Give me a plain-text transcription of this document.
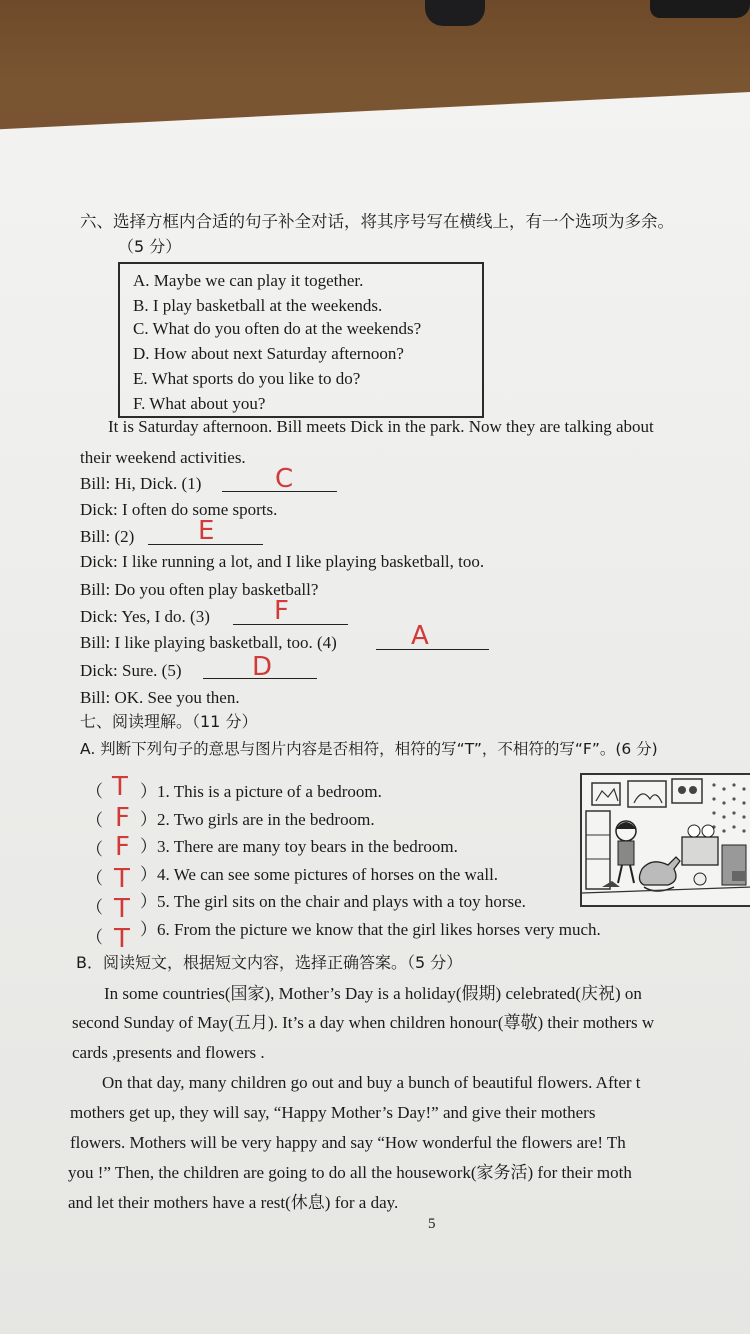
六、选择方框内合适的句子补全对话，将其序号写在横线上，有一个选项为多余。
（5 分）
A. Maybe we can play it together.
B. I play basketball at the weekends.
C. What do you often do at the weekends?
D. How about next Saturday afternoon?
E. What sports do you like to do?
F. What about you?
It is Saturday afternoon. Bill meets Dick in the park. Now they are talking about
their weekend activities.
Bill: Hi, Dick. (1)	C
Dick: I often do some sports.
Bill: (2) E
Dick: I like running a lot, and I like playing basketball, too.
Bill: Do you often play basketball?
Dick: Yes, I do. (3) F
Bill: I like playing basketball, too. (4)	A
Dick: Sure. (5)	D
Bill: OK. See you then.
七、阅读理解。（11 分）
A. 判断下列句子的意思与图片内容是否相符，相符的写“T”，不相符的写“F”。(6 分)
（ T ）1. This is a picture of a bedroom.
（ F ）2. Two girls are in the bedroom.
（ F ）3. There are many toy bears in the bedroom.
（ T ）4. We can see some pictures of horses on the wall.
（ T ）5. The girl sits on the chair and plays with a toy horse.
（ T ）6. From the picture we know that the girl likes horses very much.
B．阅读短文，根据短文内容，选择正确答案。（5 分）
In some countries(国家), Mother’s Day is a holiday(假期) celebrated(庆祝) on
second Sunday of May(五月). It’s a day when children honour(尊敬) their mothers w
cards ,presents and flowers .
On that day, many children go out and buy a bunch of beautiful flowers. After t
mothers get up, they will say, “Happy Mother’s Day!” and give their mothers
flowers. Mothers will be very happy and say “How wonderful the flowers are! Th
you !” Then, the children are going to do all the housework(家务活) for their moth
and let their mothers have a rest(休息) for a day.
5
